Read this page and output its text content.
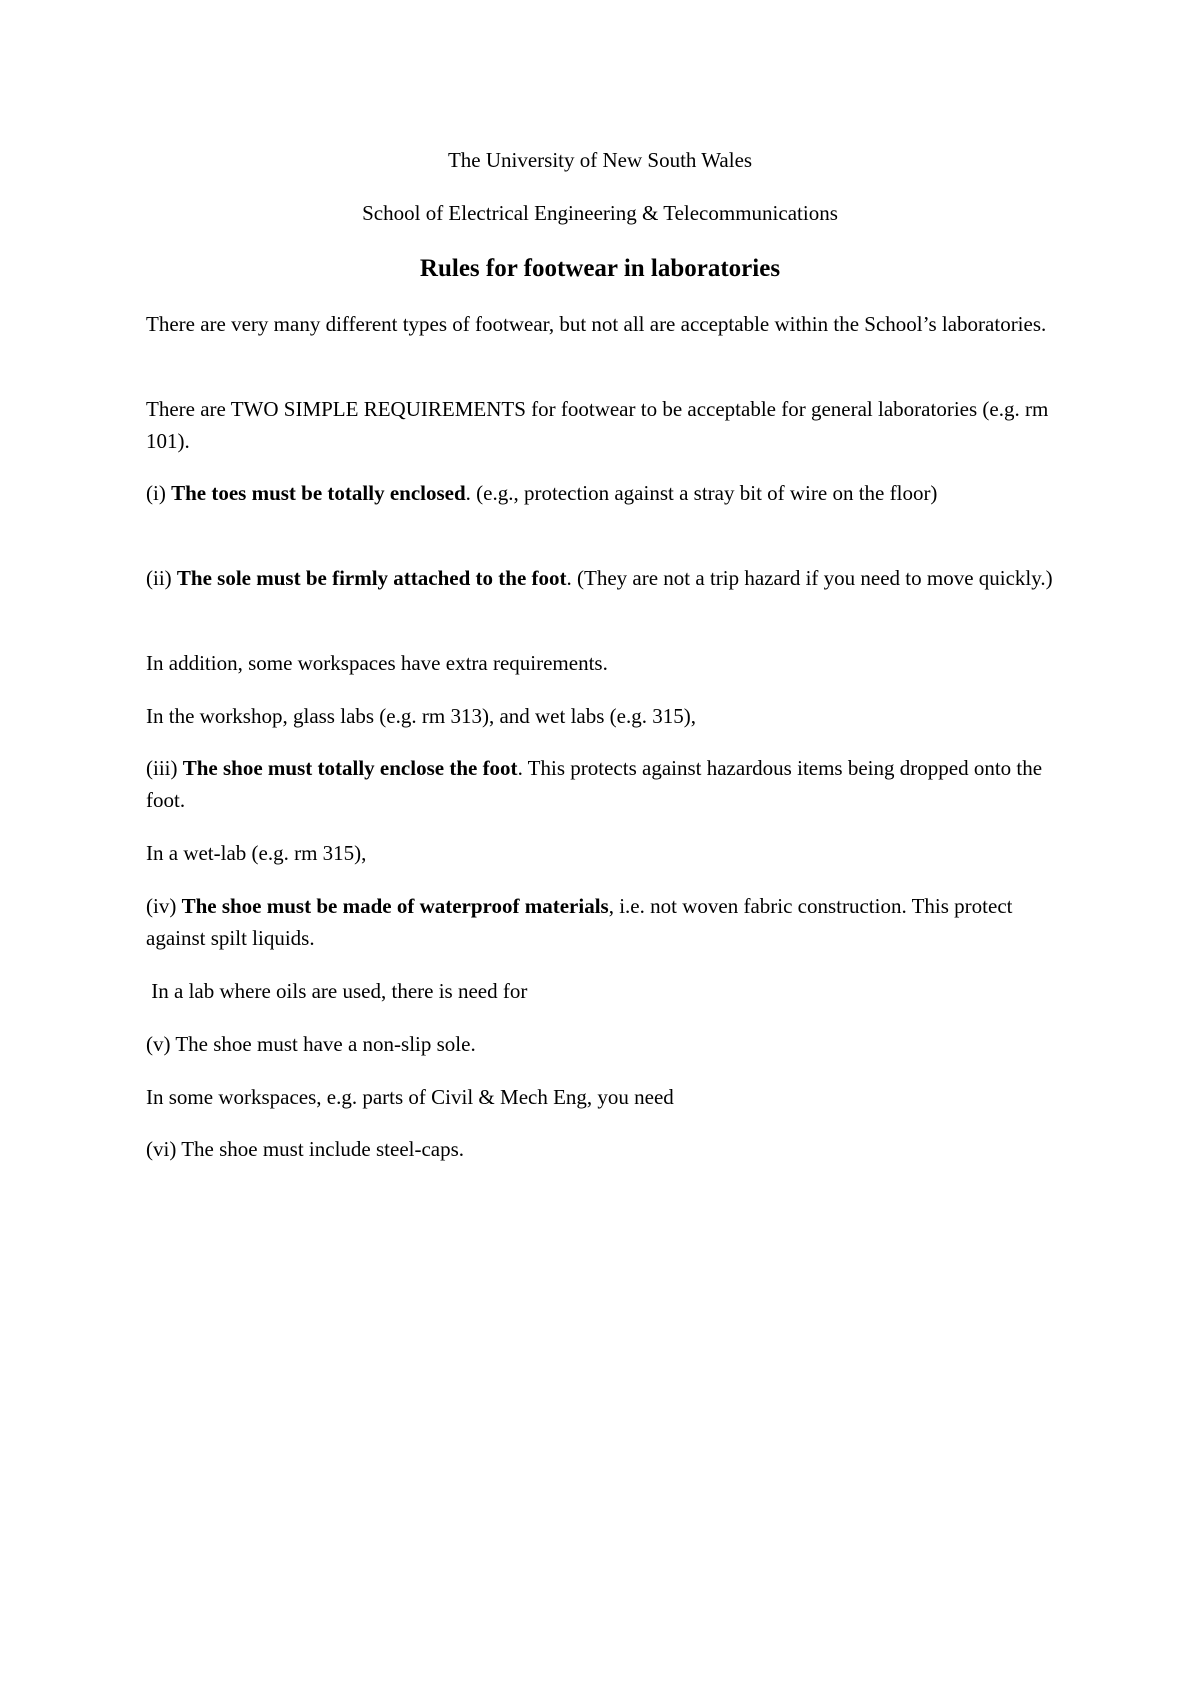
The University of New South Wales
School of Electrical Engineering & Telecommunications
Rules for footwear in laboratories

There are very many different types of footwear, but not all are acceptable within the School’s laboratories.

There are TWO SIMPLE REQUIREMENTS for footwear to be acceptable for general laboratories (e.g. rm 101).

(i) The toes must be totally enclosed. (e.g., protection against a stray bit of wire on the floor)

(ii) The sole must be firmly attached to the foot. (They are not a trip hazard if you need to move quickly.)

In addition, some workspaces have extra requirements.

In the workshop, glass labs (e.g. rm 313), and wet labs (e.g. 315),

(iii) The shoe must totally enclose the foot. This protects against hazardous items being dropped onto the foot.

In a wet-lab (e.g. rm 315),

(iv) The shoe must be made of waterproof materials, i.e. not woven fabric construction. This protect against spilt liquids.

In a lab where oils are used, there is need for

(v) The shoe must have a non-slip sole.

In some workspaces, e.g. parts of Civil & Mech Eng, you need

(vi) The shoe must include steel-caps.
